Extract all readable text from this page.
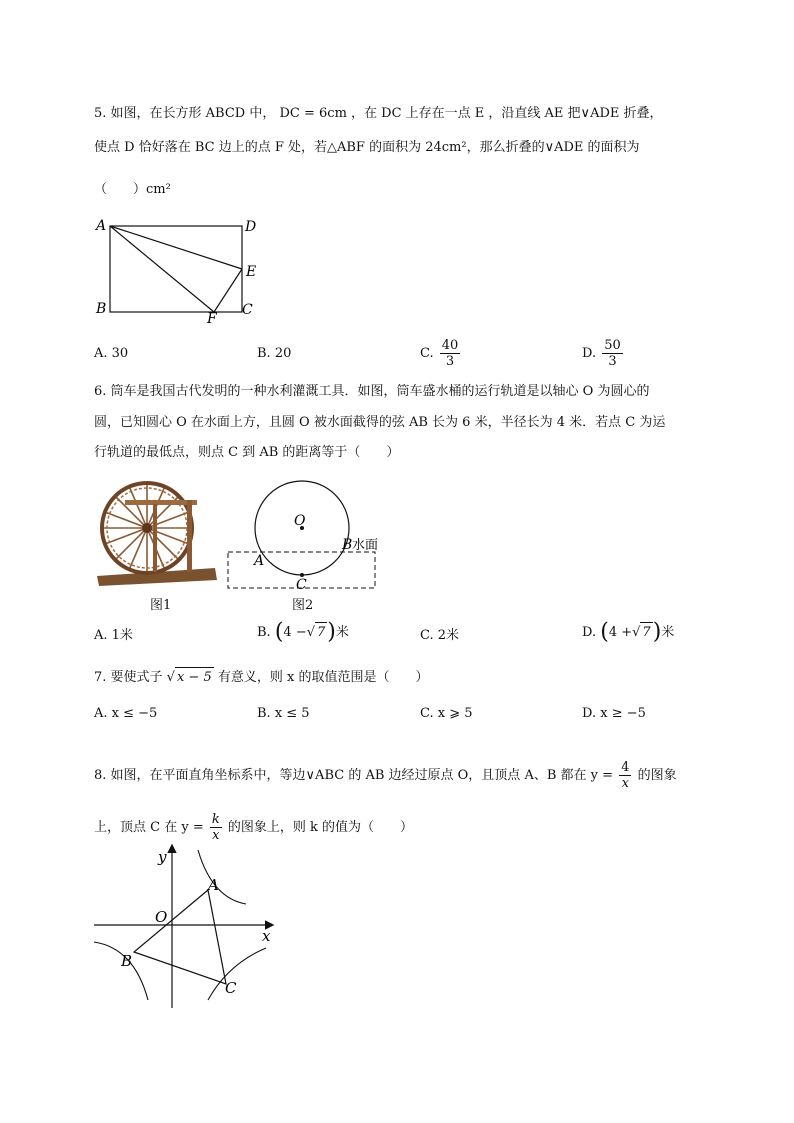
5. 如图，在长方形 ABCD 中， DC = 6cm ，在 DC 上存在一点 E ，沿直线 AE 把∨ADE 折叠，
使点 D 恰好落在 BC 边上的点 F 处，若△ABF 的面积为 24cm²，那么折叠的∨ADE 的面积为
（　　）cm²
A	D
E
B	C
F
A. 30	B. 20	C. $\frac{40}{3}$	D. $\frac{50}{3}$
6. 筒车是我国古代发明的一种水利灌溉工具．如图，筒车盛水桶的运行轨道是以轴心 O 为圆心的
圆，已知圆心 O 在水面上方，且圆 O 被水面截得的弦 AB 长为 6 米，半径长为 4 米．若点 C 为运
行轨道的最低点，则点 C 到 AB 的距离等于（　　）
图1
O
A
B 水面
C
图2
A. 1米	B. (4 −√ 7)米	C. 2米	D. (4 +√ 7)米
7. 要使式子 √ x − 5 有意义，则 x 的取值范围是（　　）
A. x ≤ −5	B. x ≤ 5	C. x ⩾ 5	D. x ≥ −5
8. 如图，在平面直角坐标系中，等边∨ABC 的 AB 边经过原点 O，且顶点 A、B 都在 $y = \frac{4}{x}$ 的图象
上，顶点 C 在 $y = \frac{k}{x}$ 的图象上，则 k 的值为（　　）
y
x
O
A
B
C
